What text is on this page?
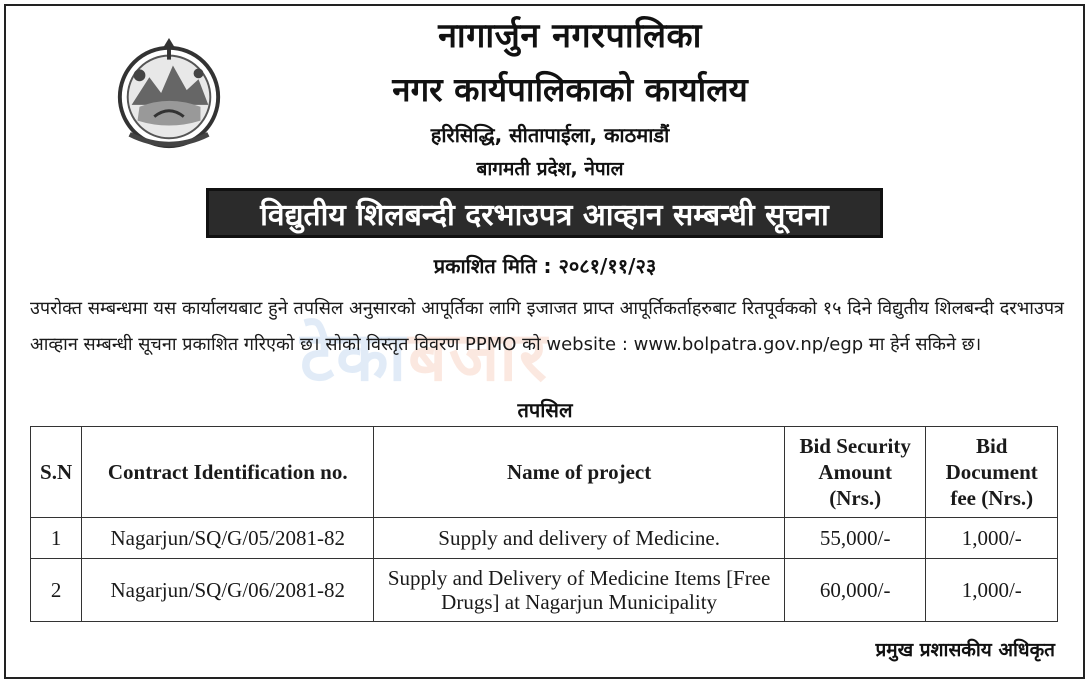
नागार्जुन नगरपालिका
नगर कार्यपालिकाको कार्यालय
हरिसिद्धि, सीतापाईला, काठमाडौं
बागमती प्रदेश, नेपाल
विद्युतीय शिलबन्दी दरभाउपत्र आव्हान सम्बन्धी सूचना
प्रकाशित मिति : २०८१/११/२३
टेकाबजार
उपरोक्त सम्बन्धमा यस कार्यालयबाट हुने तपसिल अनुसारको आपूर्तिका लागि इजाजत प्राप्त आपूर्तिकर्ताहरुबाट रितपूर्वकको १५ दिने विद्युतीय शिलबन्दी दरभाउपत्र आव्हान सम्बन्धी सूचना प्रकाशित गरिएको छ। सोको विस्तृत विवरण PPMO को website : www.bolpatra.gov.np/egp मा हेर्न सकिने छ।
तपसिल
S.N	Contract Identification no.	Name of project	Bid Security Amount (Nrs.)	Bid Document fee (Nrs.)
1	Nagarjun/SQ/G/05/2081-82	Supply and delivery of Medicine.	55,000/-	1,000/-
2	Nagarjun/SQ/G/06/2081-82	Supply and Delivery of Medicine Items [Free Drugs] at Nagarjun Municipality	60,000/-	1,000/-
प्रमुख प्रशासकीय अधिकृत
